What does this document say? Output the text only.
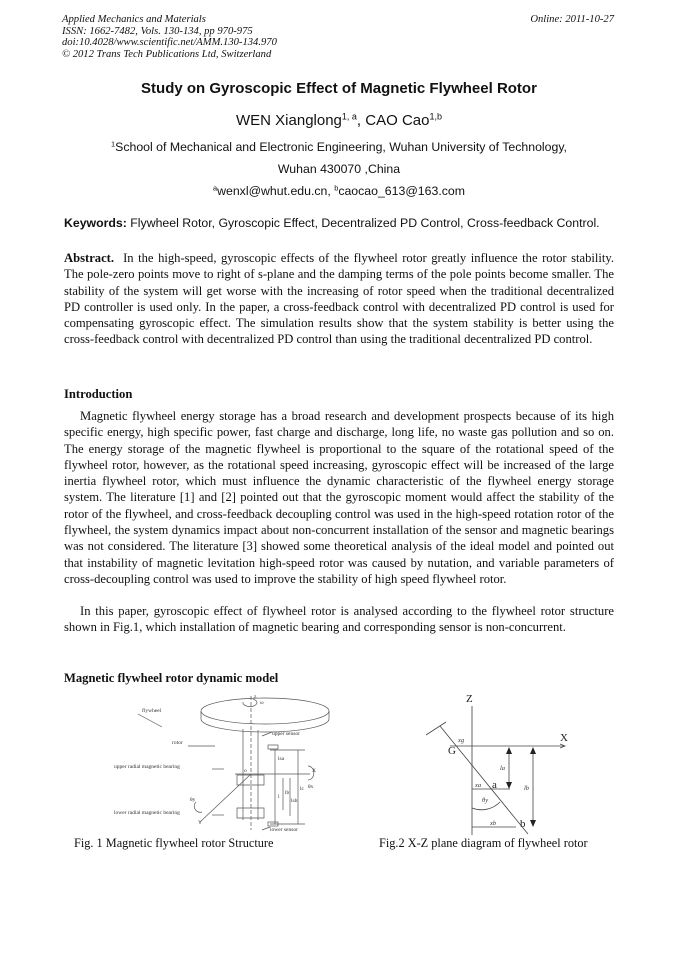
Applied Mechanics and Materials
ISSN: 1662-7482, Vols. 130-134, pp 970-975
doi:10.4028/www.scientific.net/AMM.130-134.970
© 2012 Trans Tech Publications Ltd, Switzerland
Online: 2011-10-27
Study on Gyroscopic Effect of Magnetic Flywheel Rotor
WEN Xianglong$^{1, a}$, CAO Cao$^{1,b}$
$^1$School of Mechanical and Electronic Engineering, Wuhan University of Technology,
Wuhan 430070 ,China
$^a$wenxl@whut.edu.cn, $^b$caocao_613@163.com
Keywords: Flywheel Rotor, Gyroscopic Effect, Decentralized PD Control, Cross-feedback Control.
Abstract. In the high-speed, gyroscopic effects of the flywheel rotor greatly influence the rotor stability. The pole-zero points move to right of s-plane and the damping terms of the pole points become smaller. The stability of the system will get worse with the increasing of rotor speed when the traditional decentralized PD controller is used only. In the paper, a cross-feedback control with decentralized PD control is used for compensating gyroscopic effect. The simulation results show that the system stability is better using the cross-feedback control with decentralized PD control than using the traditional decentralized PD control.
Introduction
Magnetic flywheel energy storage has a broad research and development prospects because of its high specific energy, high specific power, fast charge and discharge, long life, no waste gas pollution and so on. The energy storage of the magnetic flywheel is proportional to the square of the rotational speed of the flywheel rotor, however, as the rotational speed increasing, gyroscopic effect will be increased of the large inertia flywheel rotor, which must influence the dynamic characteristic of the flywheel energy storage system. The literature [1] and [2] pointed out that the gyroscopic moment would affect the stability of the rotor of the flywheel, and cross-feedback decoupling control was used in the high-speed rotation rotor of the flywheel, the system dynamics impact about non-concurrent installation of the sensor and magnetic bearings was not considered. The literature [3] showed some theoretical analysis of the ideal model and pointed out that instability of magnetic levitation high-speed rotor was caused by nutation, and variable parameters of cross-decoupling control was used to improve the stability of high speed flywheel rotor.
In this paper, gyroscopic effect of flywheel rotor is analysed according to the flywheel rotor structure shown in Fig.1, which installation of magnetic bearing and corresponding sensor is non-concurrent.
Magnetic flywheel rotor dynamic model
flywheel
rotor
upper radial magnetic bearing
lower radial magnetic bearing
upper sensor
lower sensor
z
ω
X
θx
θy
Y
o
l
lsa
lb
lsb
lc
Z
X
G
a
b
xg
xa
xb
la
lb
θy
Fig. 1 Magnetic flywheel rotor Structure	Fig.2 X-Z plane diagram of flywheel rotor
